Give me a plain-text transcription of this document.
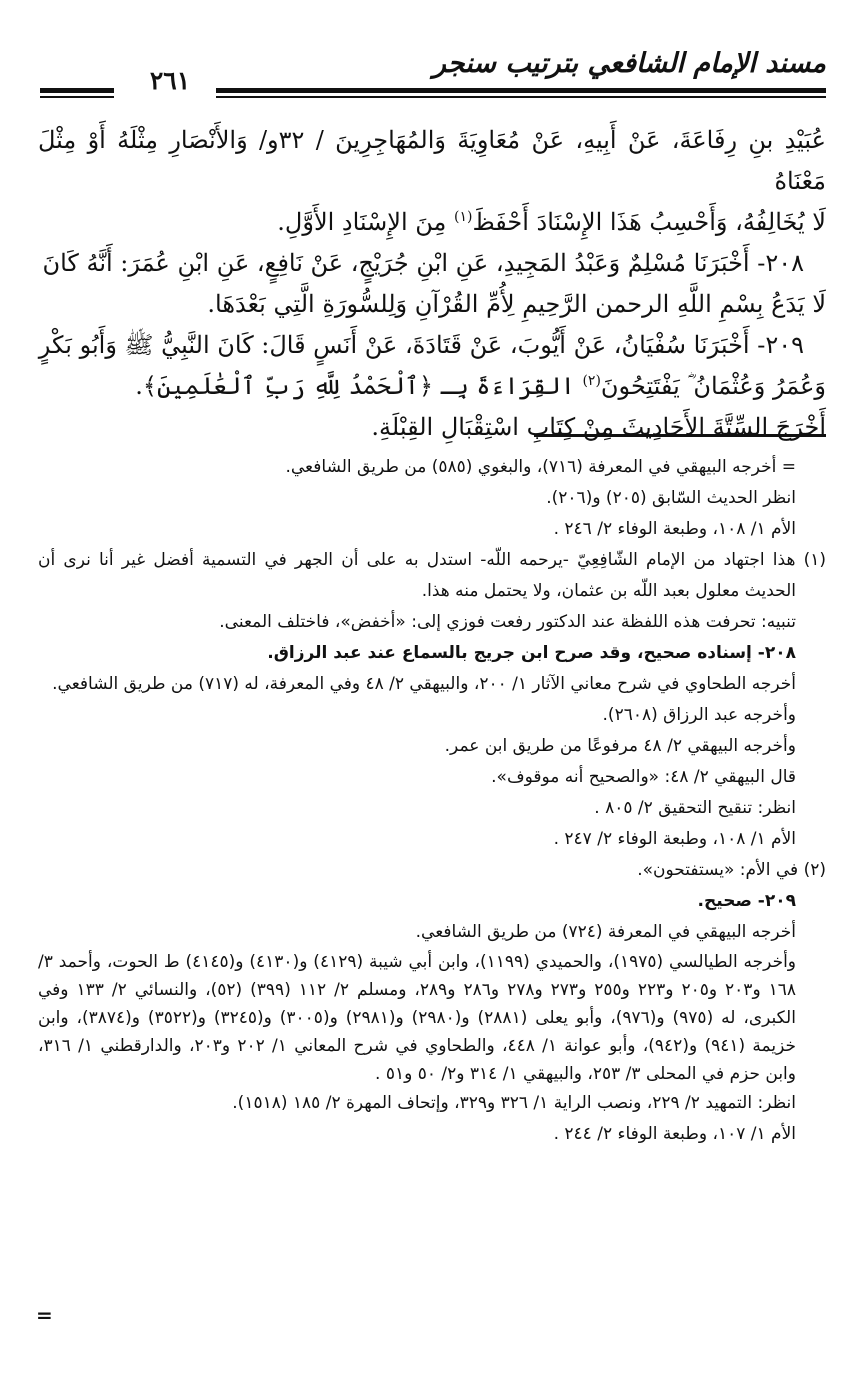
مسند الإمام الشافعي بترتيب سنجر
٢٦١

عُبَيْدِ بنِ رِفَاعَةَ، عَنْ أَبِيهِ، عَنْ مُعَاوِيَةَ وَالمُهَاجِرِينَ / ٣٢و/ وَالأَنْصَارِ مِثْلَهُ أَوْ مِثْلَ مَعْنَاهُ

لَا يُخَالِفُهُ، وَأَحْسِبُ هَذَا الإِسْنَادَ أَحْفَظَ$^{(١)}$ مِنَ الإِسْنَادِ الأَوَّلِ.

٢٠٨- أَخْبَرَنَا مُسْلِمٌ وَعَبْدُ المَجِيدِ، عَنِ ابْنِ جُرَيْجٍ، عَنْ نَافِعٍ، عَنِ ابْنِ عُمَرَ: أَنَّهُ كَانَ

لَا يَدَعُ بِسْمِ اللَّهِ الرحمن الرَّحِيمِ لِأُمِّ القُرْآنِ وَلِلسُّورَةِ الَّتِي بَعْدَهَا.

٢٠٩- أَخْبَرَنَا سُفْيَانُ، عَنْ أَيُّوبَ، عَنْ قَتَادَةَ، عَنْ أَنَسٍ قَالَ: كَانَ النَّبِيُّ ﷺ وَأَبُو بَكْرٍ

وَعُمَرُ وَعُثْمَانُ ؓ يَفْتَتِحُونَ$^{(٢)}$ القِرَاءَةَ بِـ ﴿ٱلْحَمْدُ لِلَّهِ رَبِّ ٱلْعَٰلَمِينَ﴾.

أَخْرَجَ السِّتَّةَ الأَحَادِيثَ مِنْ كِتَابِ اسْتِقْبَالِ القِبْلَةِ.

= أخرجه البيهقي في المعرفة (٧١٦)، والبغوي (٥٨٥) من طريق الشافعي.

انظر الحديث السّابق (٢٠٥) و(٢٠٦).

الأم ١/ ١٠٨، وطبعة الوفاء ٢/ ٢٤٦ .

(١) هذا اجتهاد من الإمام الشّافِعِيّ -يرحمه اللّه- استدل به على أن الجهر في التسمية أفضل غير أنا نرى أن الحديث معلول بعبد اللّه بن عثمان، ولا يحتمل منه هذا.

تنبيه: تحرفت هذه اللفظة عند الدكتور رفعت فوزي إلى: «أخفض»، فاختلف المعنى.

٢٠٨- إسناده صحيح، وقد صرح ابن جريج بالسماع عند عبد الرزاق.

أخرجه الطحاوي في شرح معاني الآثار ١/ ٢٠٠، والبيهقي ٢/ ٤٨ وفي المعرفة، له (٧١٧) من طريق الشافعي.

وأخرجه عبد الرزاق (٢٦٠٨).

وأخرجه البيهقي ٢/ ٤٨ مرفوعًا من طريق ابن عمر.

قال البيهقي ٢/ ٤٨: «والصحيح أنه موقوف».

انظر: تنقيح التحقيق ٢/ ٨٠٥ .

الأم ١/ ١٠٨، وطبعة الوفاء ٢/ ٢٤٧ .

(٢) في الأم: «يستفتحون».

٢٠٩- صحيح.

أخرجه البيهقي في المعرفة (٧٢٤) من طريق الشافعي.

وأخرجه الطيالسي (١٩٧٥)، والحميدي (١١٩٩)، وابن أبي شيبة (٤١٢٩) و(٤١٣٠) و(٤١٤٥) ط الحوت، وأحمد ٣/ ١٦٨ و٢٠٣ و٢٠٥ و٢٢٣ و٢٥٥ و٢٧٣ و٢٧٨ و٢٨٦ و٢٨٩، ومسلم ٢/ ١١٢ (٣٩٩) (٥٢)، والنسائي ٢/ ١٣٣ وفي الكبرى، له (٩٧٥) و(٩٧٦)، وأبو يعلى (٢٨٨١) و(٢٩٨٠) و(٢٩٨١) و(٣٠٠٥) و(٣٢٤٥) و(٣٥٢٢) و(٣٨٧٤)، وابن خزيمة (٩٤١) و(٩٤٢)، وأبو عوانة ١/ ٤٤٨، والطحاوي في شرح المعاني ١/ ٢٠٢ و٢٠٣، والدارقطني ١/ ٣١٦، وابن حزم في المحلى ٣/ ٢٥٣، والبيهقي ١/ ٣١٤ و٢/ ٥٠ و٥١ .

انظر: التمهيد ٢/ ٢٢٩، ونصب الراية ١/ ٣٢٦ و٣٢٩، وإتحاف المهرة ٢/ ١٨٥ (١٥١٨).

الأم ١/ ١٠٧، وطبعة الوفاء ٢/ ٢٤٤ .

=
